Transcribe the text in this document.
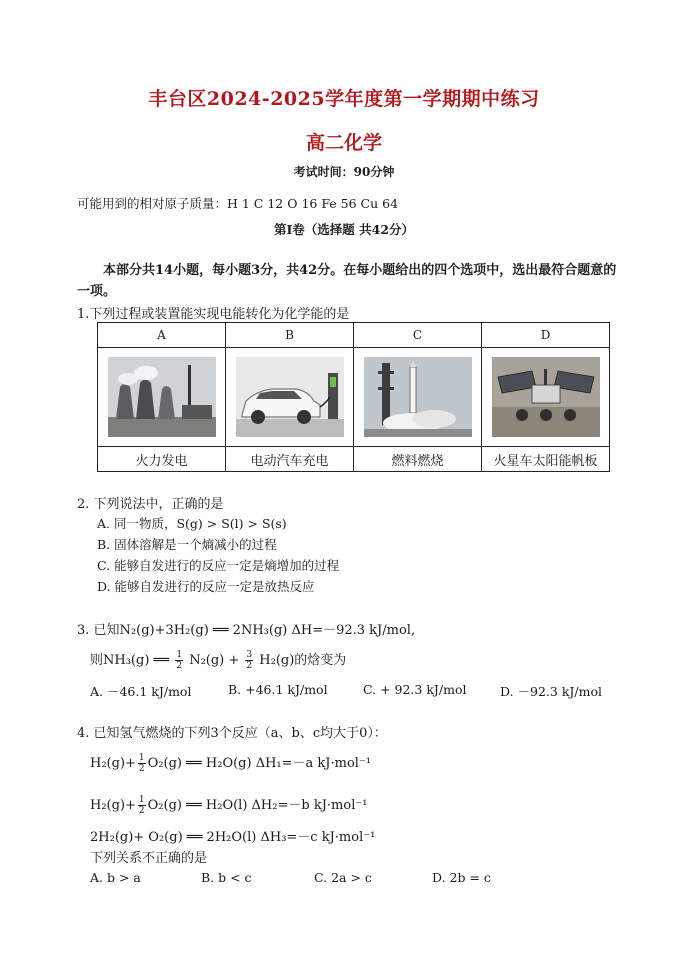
丰台区2024-2025学年度第一学期期中练习
高二化学
考试时间：90分钟
可能用到的相对原子质量：H 1 C 12 O 16 Fe 56 Cu 64
第Ⅰ卷（选择题 共42分）
本部分共14小题，每小题3分，共42分。在每小题给出的四个选项中，选出最符合题意的一项。
1.下列过程或装置能实现电能转化为化学能的是
A	B	C	D

火力发电	电动汽车充电	燃料燃烧	火星车太阳能帆板
2. 下列说法中，正确的是
A. 同一物质，S(g) > S(l) > S(s)
B. 固体溶解是一个熵减小的过程
C. 能够自发进行的反应一定是熵增加的过程
D. 能够自发进行的反应一定是放热反应
3. 已知N₂(g)+3H₂(g) ══ 2NH₃(g) ΔH=－92.3 kJ/mol,
则NH₃(g) ══ $\frac{1}{2} N_2(g) + \frac{3}{2} H_2(g)$的焓变为
A. －46.1 kJ/mol	B. +46.1 kJ/mol	C. + 92.3 kJ/mol	D. －92.3 kJ/mol
4. 已知氢气燃烧的下列3个反应（a、b、c均大于0）：
$H_2(g)+ \frac{1}{2} O_2(g)$ ══ H₂O(g) ΔH₁=－a kJ·mol⁻¹
$H_2(g)+ \frac{1}{2} O_2(g)$ ══ H₂O(l) ΔH₂=－b kJ·mol⁻¹
2H₂(g)+ O₂(g) ══ 2H₂O(l) ΔH₃=－c kJ·mol⁻¹
下列关系不正确的是
A. b > a	B. b < c	C. 2a > c	D. 2b = c
